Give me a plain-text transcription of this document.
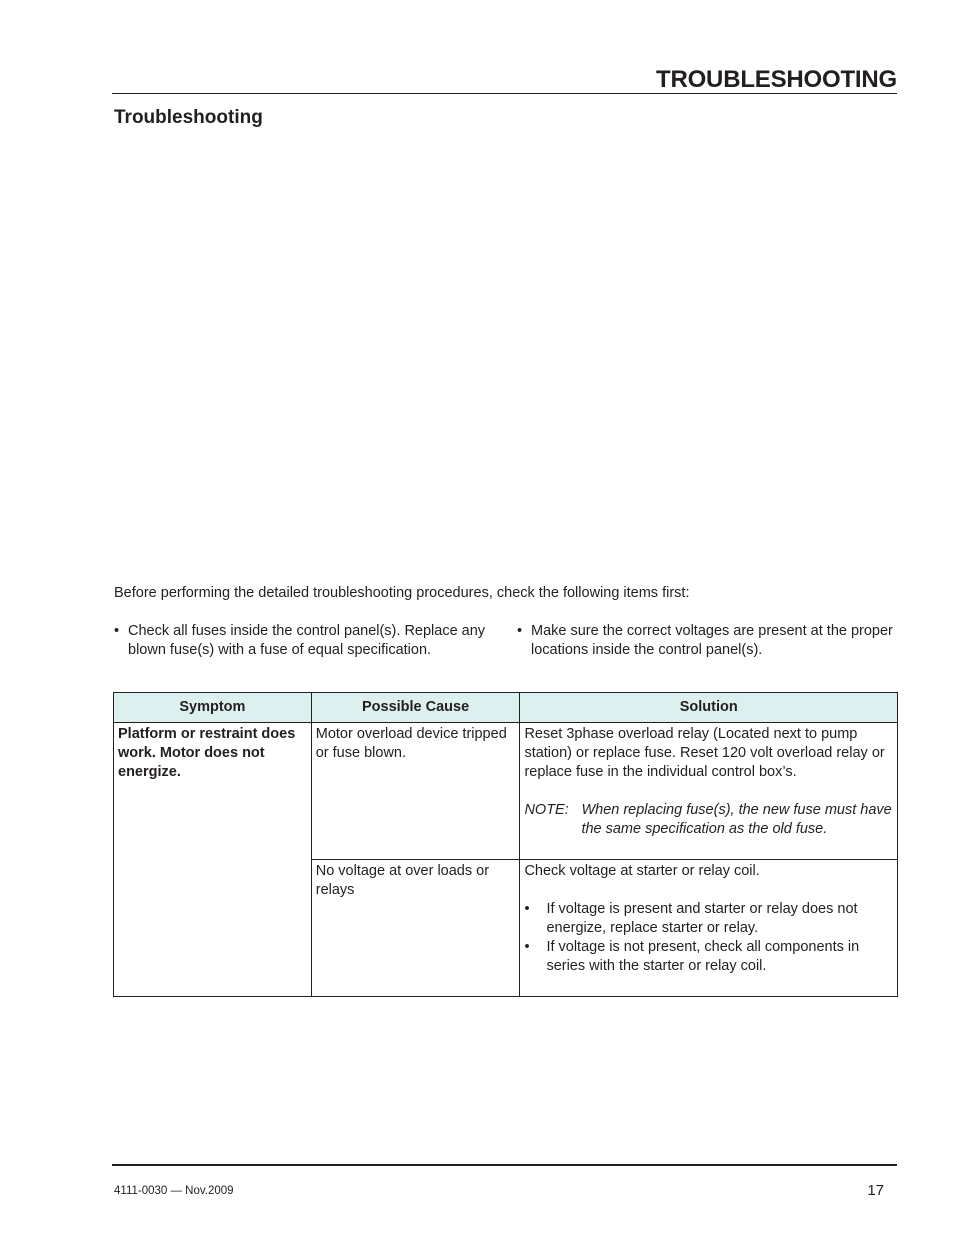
TROUBLESHOOTING
Troubleshooting
Before performing the detailed troubleshooting procedures, check the following items first:
• Check all fuses inside the control panel(s). Replace any blown fuse(s) with a fuse of equal specification.
• Make sure the correct voltages are present at the proper locations inside the control panel(s).
Symptom	Possible Cause	Solution
Platform or restraint does work. Motor does not energize.	Motor overload device tripped or fuse blown.	Reset 3phase overload relay (Located next to pump station) or replace fuse. Reset 120 volt overload relay or replace fuse in the individual control box’s.
NOTE: When replacing fuse(s), the new fuse must have the same specification as the old fuse.

	No voltage at over loads or relays	Check voltage at starter or relay coil.
• If voltage is present and starter or relay does not energize, replace starter or relay.
• If voltage is not present, check all components in series with the starter or relay coil.
4111-0030 — Nov.2009	17
